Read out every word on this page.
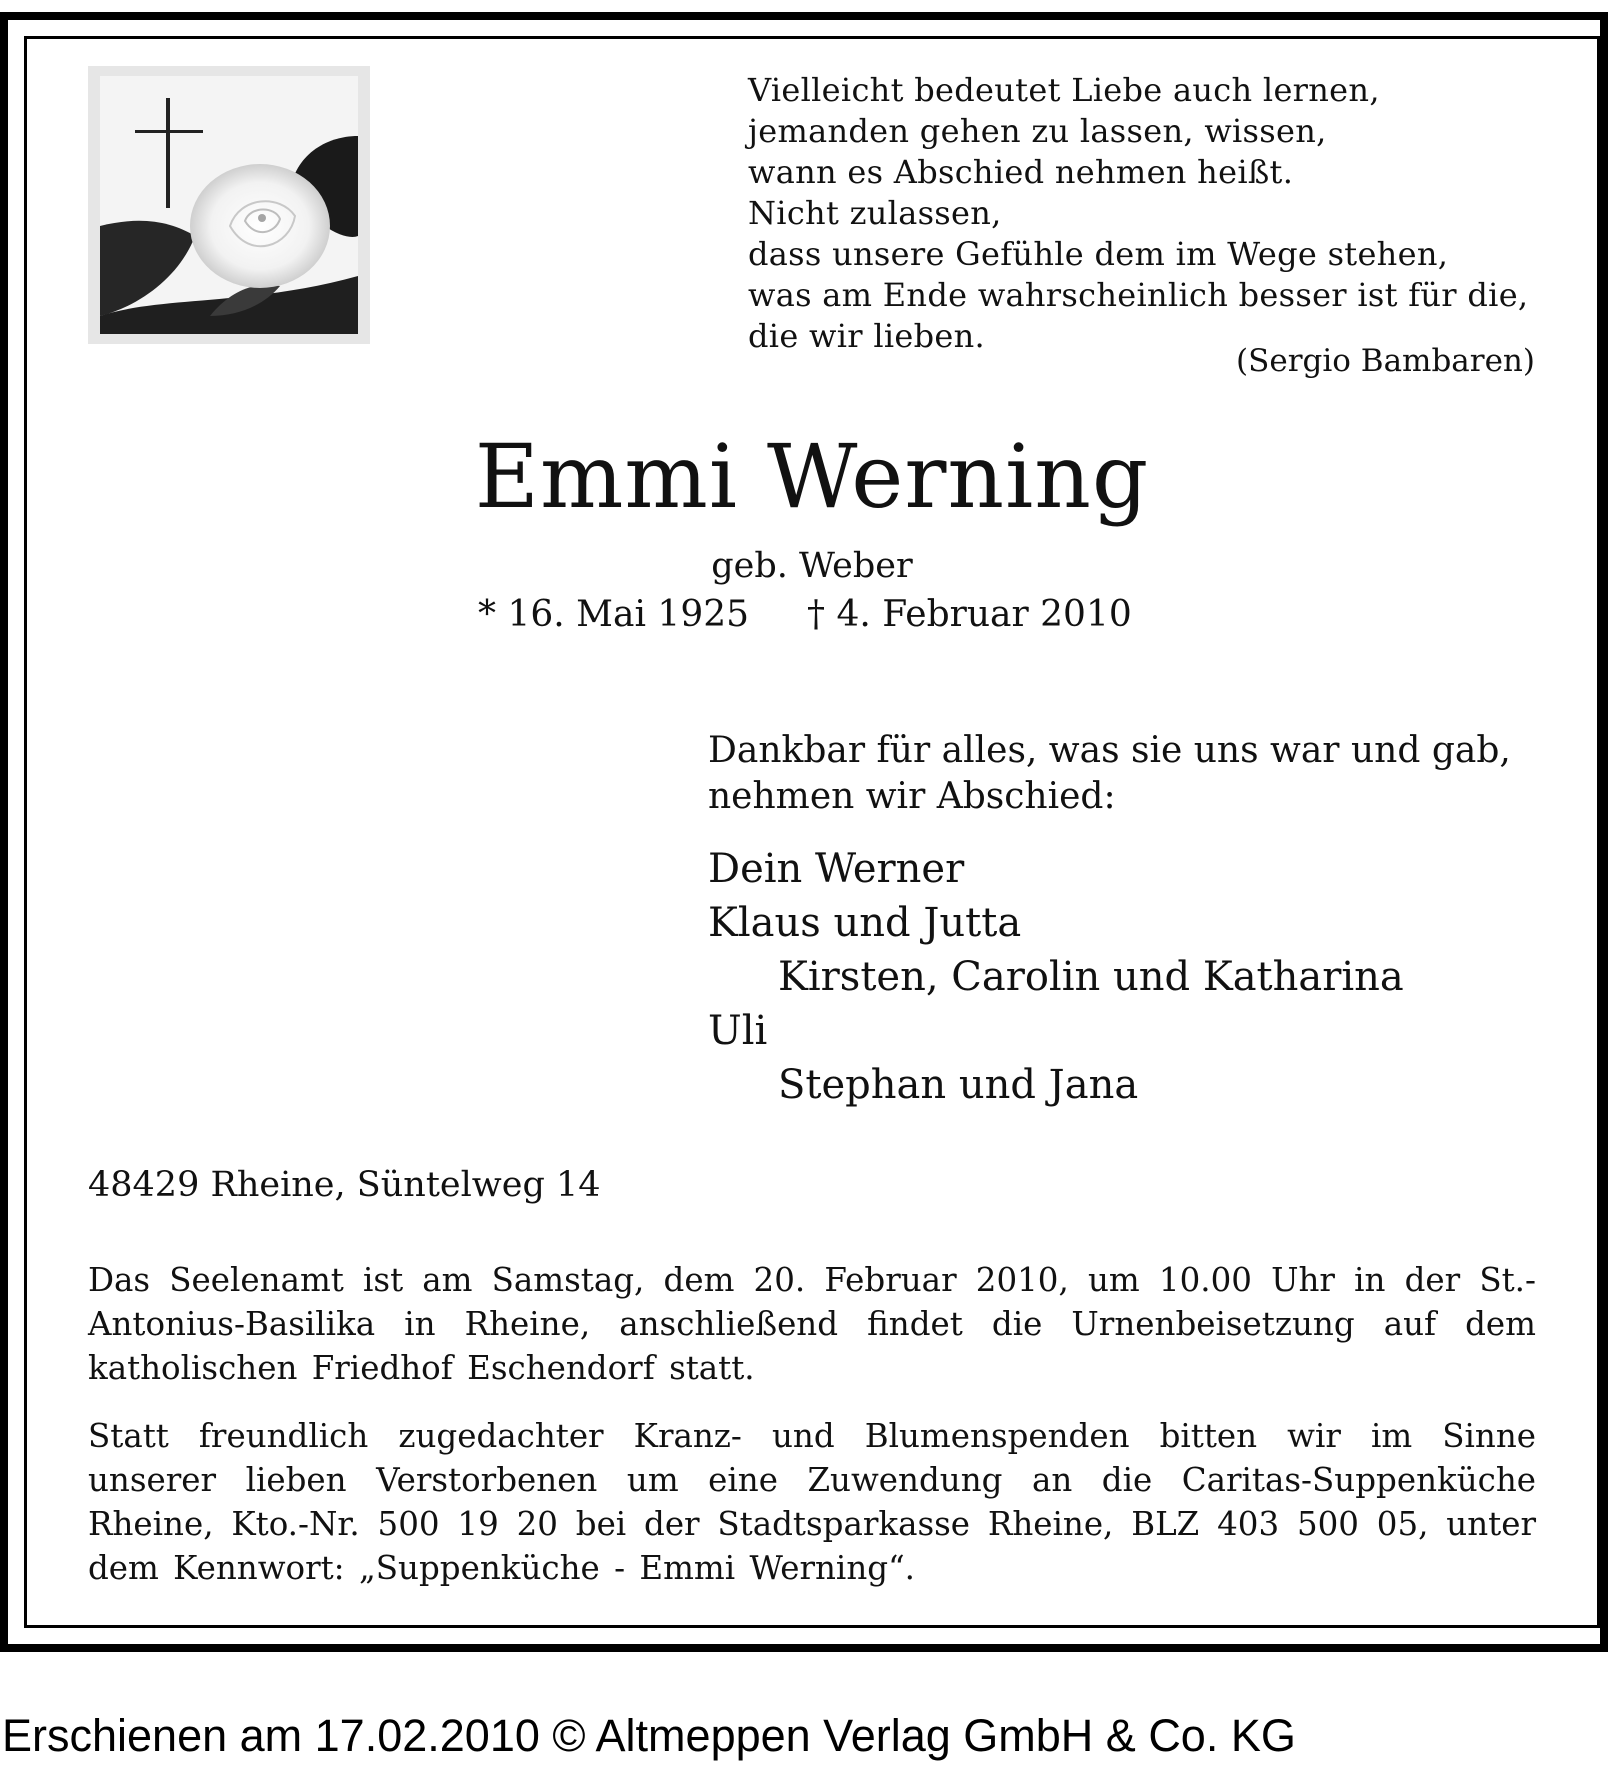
Vielleicht bedeutet Liebe auch lernen,
jemanden gehen zu lassen, wissen,
wann es Abschied nehmen heißt.
Nicht zulassen,
dass unsere Gefühle dem im Wege stehen,
was am Ende wahrscheinlich besser ist für die,
die wir lieben.
(Sergio Bambaren)
Emmi Werning
geb. Weber
* 16. Mai 1925 † 4. Februar 2010
Dankbar für alles, was sie uns war und gab,
nehmen wir Abschied:
Dein Werner
Klaus und Jutta
Kirsten, Carolin und Katharina
Uli
Stephan und Jana
48429 Rheine, Süntelweg 14
Das Seelenamt ist am Samstag, dem 20. Februar 2010, um 10.00 Uhr in der St.-Antonius-Basilika in Rheine, anschließend findet die Urnenbeisetzung auf dem katholischen Friedhof Eschendorf statt.
Statt freundlich zugedachter Kranz- und Blumenspenden bitten wir im Sinne unserer lieben Verstorbenen um eine Zuwendung an die Caritas-Suppenküche Rheine, Kto.-Nr. 500 19 20 bei der Stadtsparkasse Rheine, BLZ 403 500 05, unter dem Kennwort: „Suppenküche - Emmi Werning“.
Erschienen am 17.02.2010 © Altmeppen Verlag GmbH & Co. KG
